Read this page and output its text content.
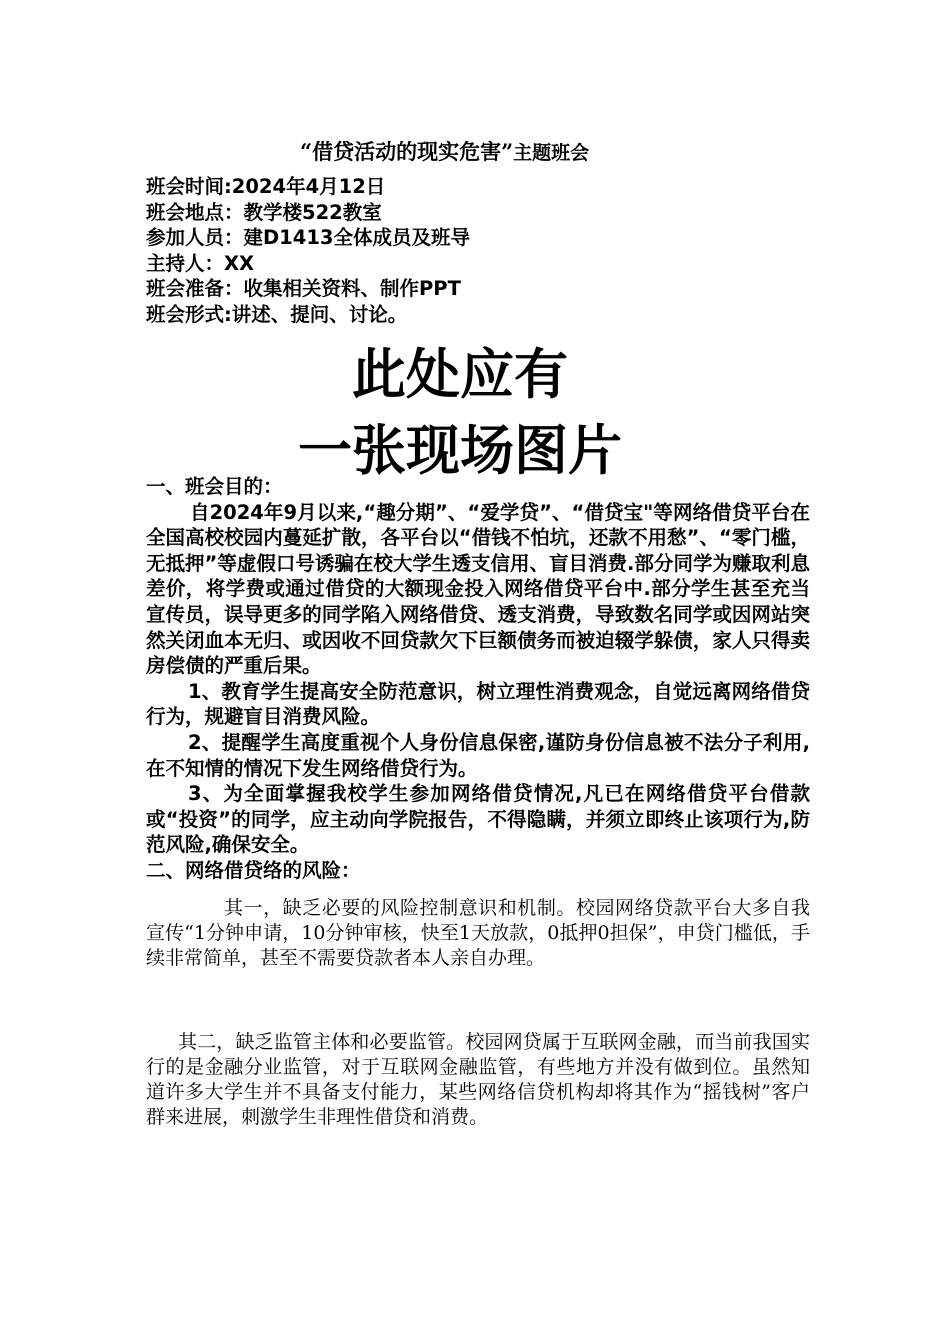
“借贷活动的现实危害”主题班会
班会时间:2024年4月12日
班会地点：教学楼522教室
参加人员：建D1413全体成员及班导
主持人：XX
班会准备：收集相关资料、制作PPT
班会形式:讲述、提问、讨论。
此处应有
一张现场图片
一、班会目的：
自2024年9月以来,“趣分期”、“爱学贷”、“借贷宝"等网络借贷平台在全国高校校园内蔓延扩散，各平台以“借钱不怕坑，还款不用愁”、“零门槛，无抵押”等虚假口号诱骗在校大学生透支信用、盲目消费.部分同学为赚取利息差价，将学费或通过借贷的大额现金投入网络借贷平台中.部分学生甚至充当宣传员，误导更多的同学陷入网络借贷、透支消费，导致数名同学或因网站突然关闭血本无归、或因收不回贷款欠下巨额债务而被迫辍学躲债，家人只得卖房偿债的严重后果。
1、教育学生提高安全防范意识，树立理性消费观念，自觉远离网络借贷行为，规避盲目消费风险。
2、提醒学生高度重视个人身份信息保密,谨防身份信息被不法分子利用,在不知情的情况下发生网络借贷行为。
3、为全面掌握我校学生参加网络借贷情况,凡已在网络借贷平台借款或“投资”的同学，应主动向学院报告，不得隐瞒，并须立即终止该项行为,防范风险,确保安全。
二、网络借贷络的风险：
其一，缺乏必要的风险控制意识和机制。校园网络贷款平台大多自我宣传“1分钟申请，10分钟审核，快至1天放款，0抵押0担保”，申贷门槛低，手续非常简单，甚至不需要贷款者本人亲自办理。
其二，缺乏监管主体和必要监管。校园网贷属于互联网金融，而当前我国实行的是金融分业监管，对于互联网金融监管，有些地方并没有做到位。虽然知道许多大学生并不具备支付能力，某些网络信贷机构却将其作为“摇钱树”客户群来进展，刺激学生非理性借贷和消费。
